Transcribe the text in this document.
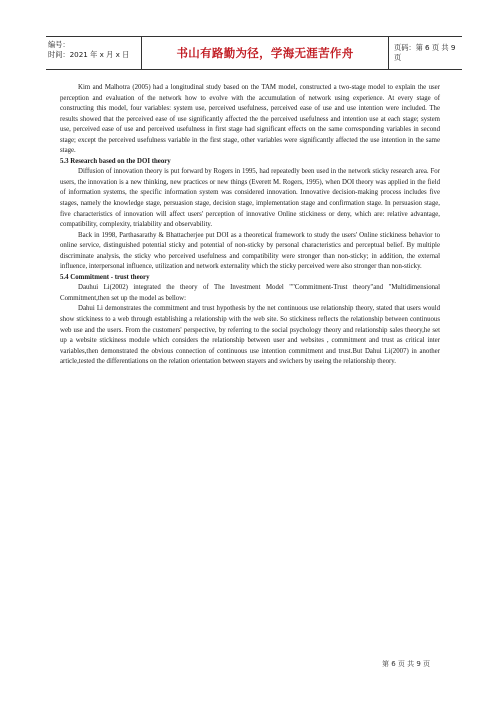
编号：
时间：2021 年 x 月 x 日	书山有路勤为径，学海无涯苦作舟	页码：第 6 页 共 9 页

Kim and Malhotra (2005) had a longitudinal study based on the TAM model, constructed a two-stage model to explain the user perception and evaluation of the network how to evolve with the accumulation of network using experience. At every stage of constructing this model, four variables: system use, perceived usefulness, perceived ease of use and use intention were included. The results showed that the perceived ease of use significantly affected the the perceived usefulness and intention use at each stage; system use, perceived ease of use and perceived usefulness in first stage had significant effects on the same corresponding variables in second stage; except the perceived usefulness variable in the first stage, other variables were significantly affected the use intention in the same stage.

5.3 Research based on the DOI theory

Diffusion of innovation theory is put forward by Rogers in 1995, had repeatedly been used in the network sticky research area. For users, the innovation is a new thinking, new practices or new things (Everett M. Rogers, 1995), when DOI theory was applied in the field of information systems, the specific information system was considered innovation. Innovative decision-making process includes five stages, namely the knowledge stage, persuasion stage, decision stage, implementation stage and confirmation stage. In persuasion stage, five characteristics of innovation will affect users' perception of innovative Online stickiness or deny, which are: relative advantage, compatibility, complexity, trialability and observability.

Back in 1998, Parthasarathy & Bhattacherjee put DOI as a theoretical framework to study the users' Online stickiness behavior to online service, distinguished potential sticky and potential of non-sticky by personal characteristics and perceptual belief. By multiple discriminate analysis, the sticky who perceived usefulness and compatibility were stronger than non-sticky; in addition, the external influence, interpersonal influence, utilization and network externality which the sticky perceived were also stronger than non-sticky.

5.4 Commitment - trust theory

Dauhui Li(2002) integrated the theory of The Investment Model ""Commitment-Trust theory"and "Multidimensional Commitment,then set up the model as bellow:

Dahui Li demonstrates the commitment and trust hypothesis by the net continuous use relationship theory, stated that users would show stickiness to a web through establishing a relationship with the web site. So stickiness reflects the relationship between continuous web use and the users. From the customers' perspective, by referring to the social psychology theory and relationship sales theory,he set up a website stickiness module which considers the relationship between user and websites , commitment and trust as critical inter variables,then demonstrated the obvious connection of continuous use intention commitment and trust.But Dahui Li(2007) in another article,tested the differentiations on the relation orientation between stayers and swichers by useing the relationship theory.

第 6 页 共 9 页
